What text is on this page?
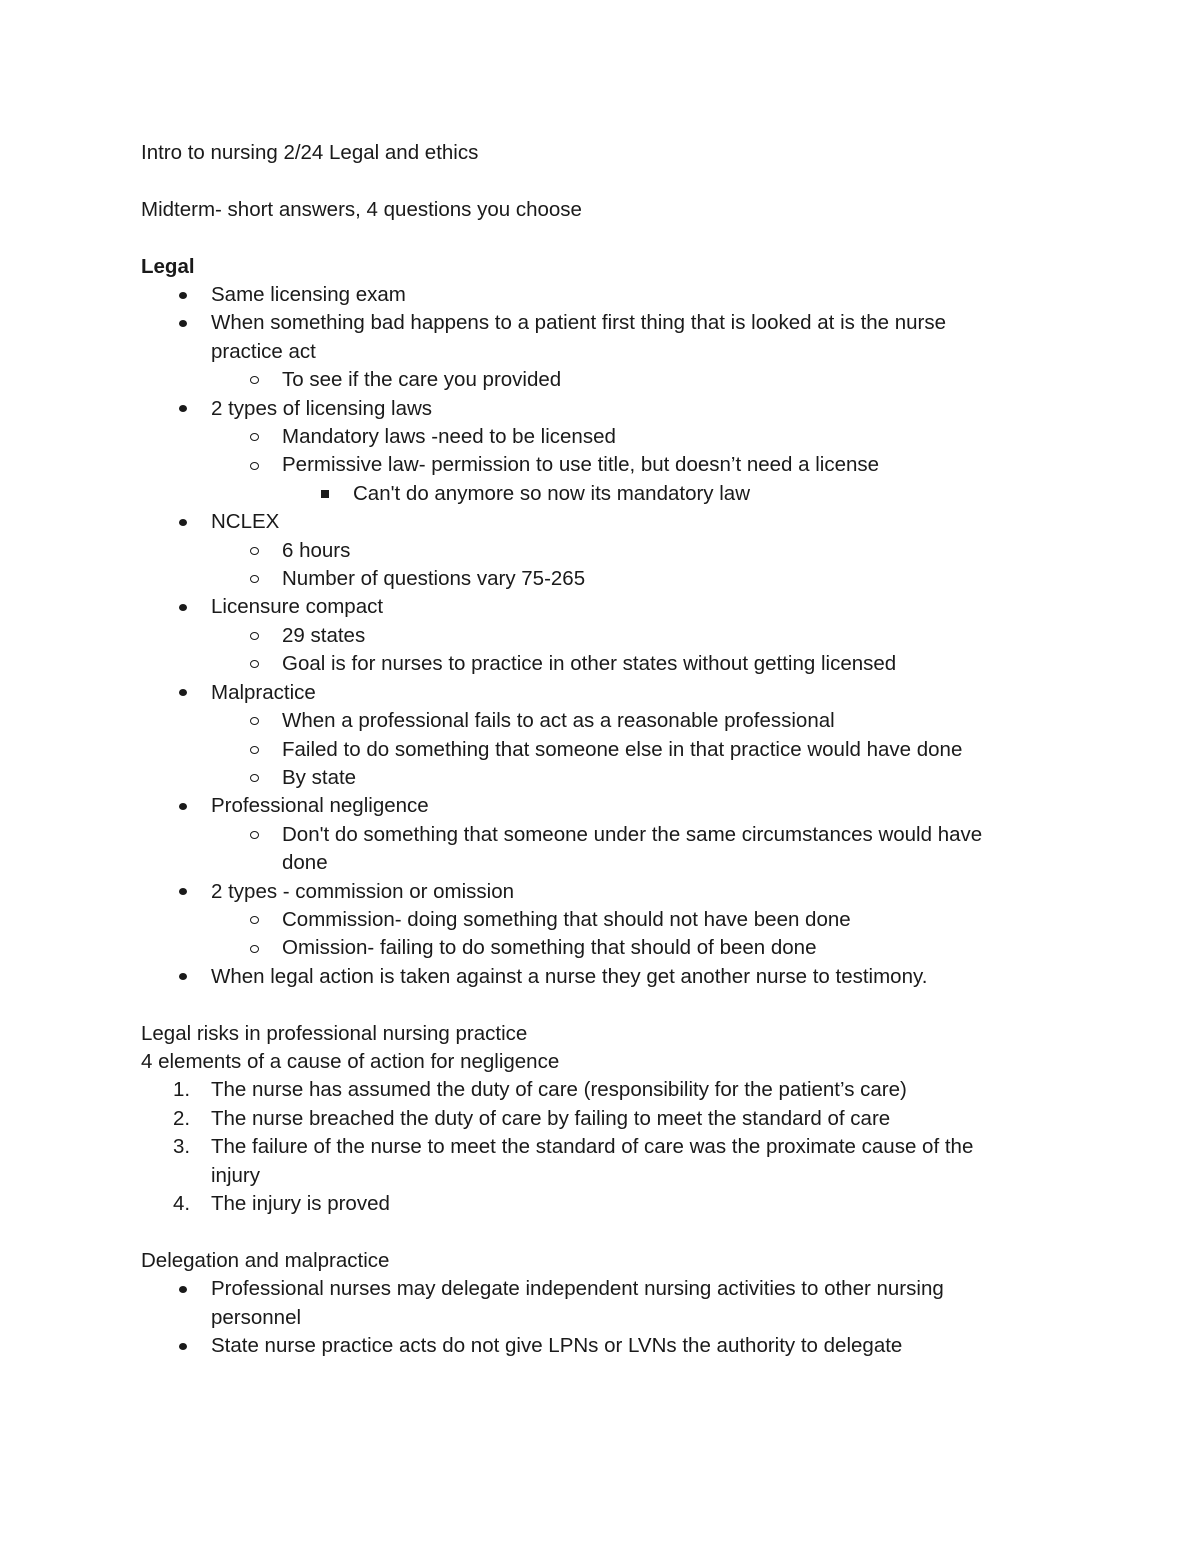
Intro to nursing 2/24 Legal and ethics
Midterm- short answers, 4 questions you choose
Legal
Same licensing exam
When something bad happens to a patient first thing that is looked at is the nurse practice act
To see if the care you provided
2 types of licensing laws
Mandatory laws -need to be licensed
Permissive law- permission to use title, but doesn’t need a license
Can't do anymore so now its mandatory law
NCLEX
6 hours
Number of questions vary 75-265
Licensure compact
29 states
Goal is for nurses to practice in other states without getting licensed
Malpractice
When a professional fails to act as a reasonable professional
Failed to do something that someone else in that practice would have done
By state
Professional negligence
Don't do something that someone under the same circumstances would have done
2 types - commission or omission
Commission- doing something that should not have been done
Omission- failing to do something that should of been done
When legal action is taken against a nurse they get another nurse to testimony.
Legal risks in professional nursing practice
4 elements of a cause of action for negligence
1. The nurse has assumed the duty of care (responsibility for the patient’s care)
2. The nurse breached the duty of care by failing to meet the standard of care
3. The failure of the nurse to meet the standard of care was the proximate cause of the injury
4. The injury is proved
Delegation and malpractice
Professional nurses may delegate independent nursing activities to other nursing personnel
State nurse practice acts do not give LPNs or LVNs the authority to delegate
